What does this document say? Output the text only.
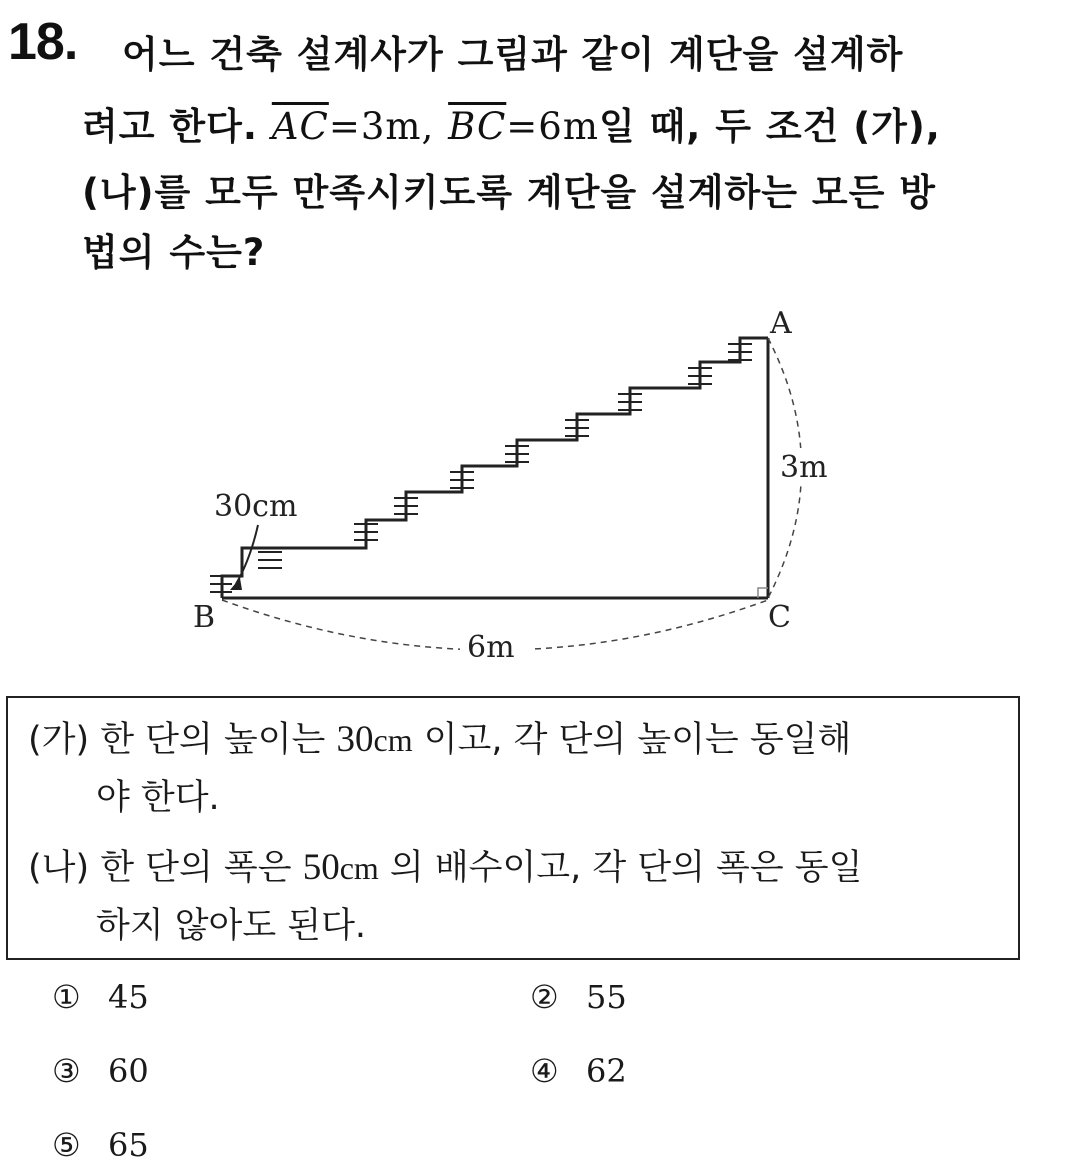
18. 어느 건축 설계사가 그림과 같이 계단을 설계하
려고 한다. $\overline{AC}=3m$, $\overline{BC}=6m$일 때, 두 조건 (가),
(나)를 모두 만족시키도록 계단을 설계하는 모든 방
법의 수는?
A
B	C
3m
6m
30cm
(가) 한 단의 높이는 30cm 이고, 각 단의 높이는 동일해
야 한다.
(나) 한 단의 폭은 50cm 의 배수이고, 각 단의 폭은 동일
하지 않아도 된다.
① 45	② 55
③ 60	④ 62
⑤ 65
